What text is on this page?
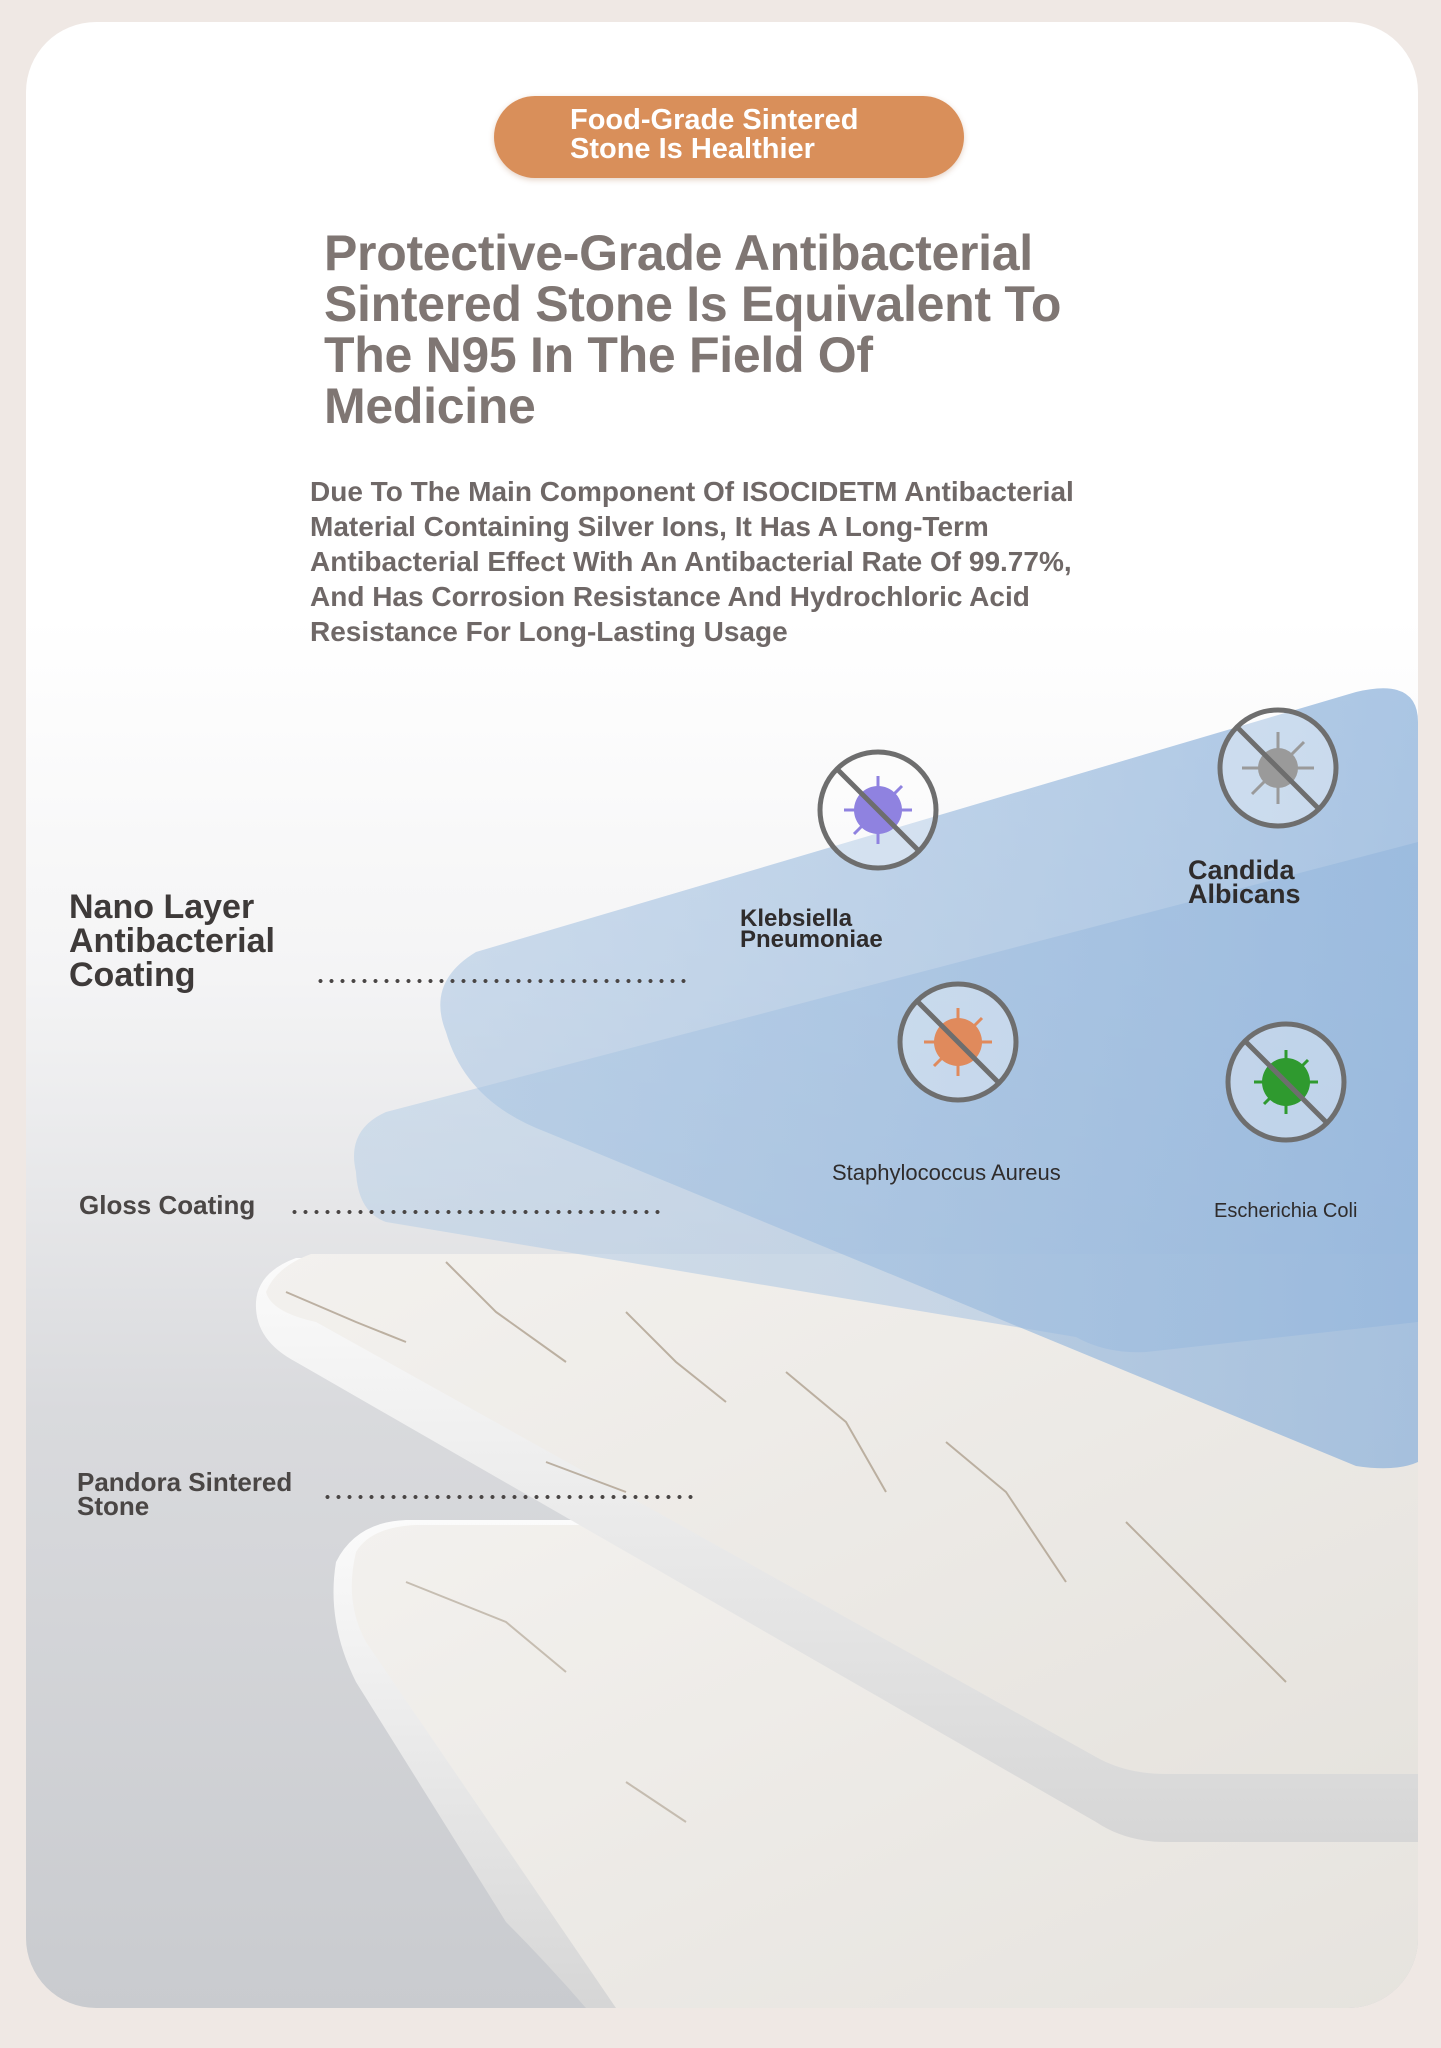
Food-Grade Sintered
Stone Is Healthier
Protective-Grade Antibacterial
Sintered Stone Is Equivalent To
The N95 In The Field Of
Medicine
Due To The Main Component Of ISOCIDETM Antibacterial
Material Containing Silver Ions, It Has A Long-Term
Antibacterial Effect With An Antibacterial Rate Of 99.77%,
And Has Corrosion Resistance And Hydrochloric Acid
Resistance For Long-Lasting Usage
Nano Layer
Antibacterial
Coating
Gloss Coating
Pandora Sintered
Stone
Klebsiella
Pneumoniae
Candida
Albicans
Staphylococcus Aureus
Escherichia Coli
